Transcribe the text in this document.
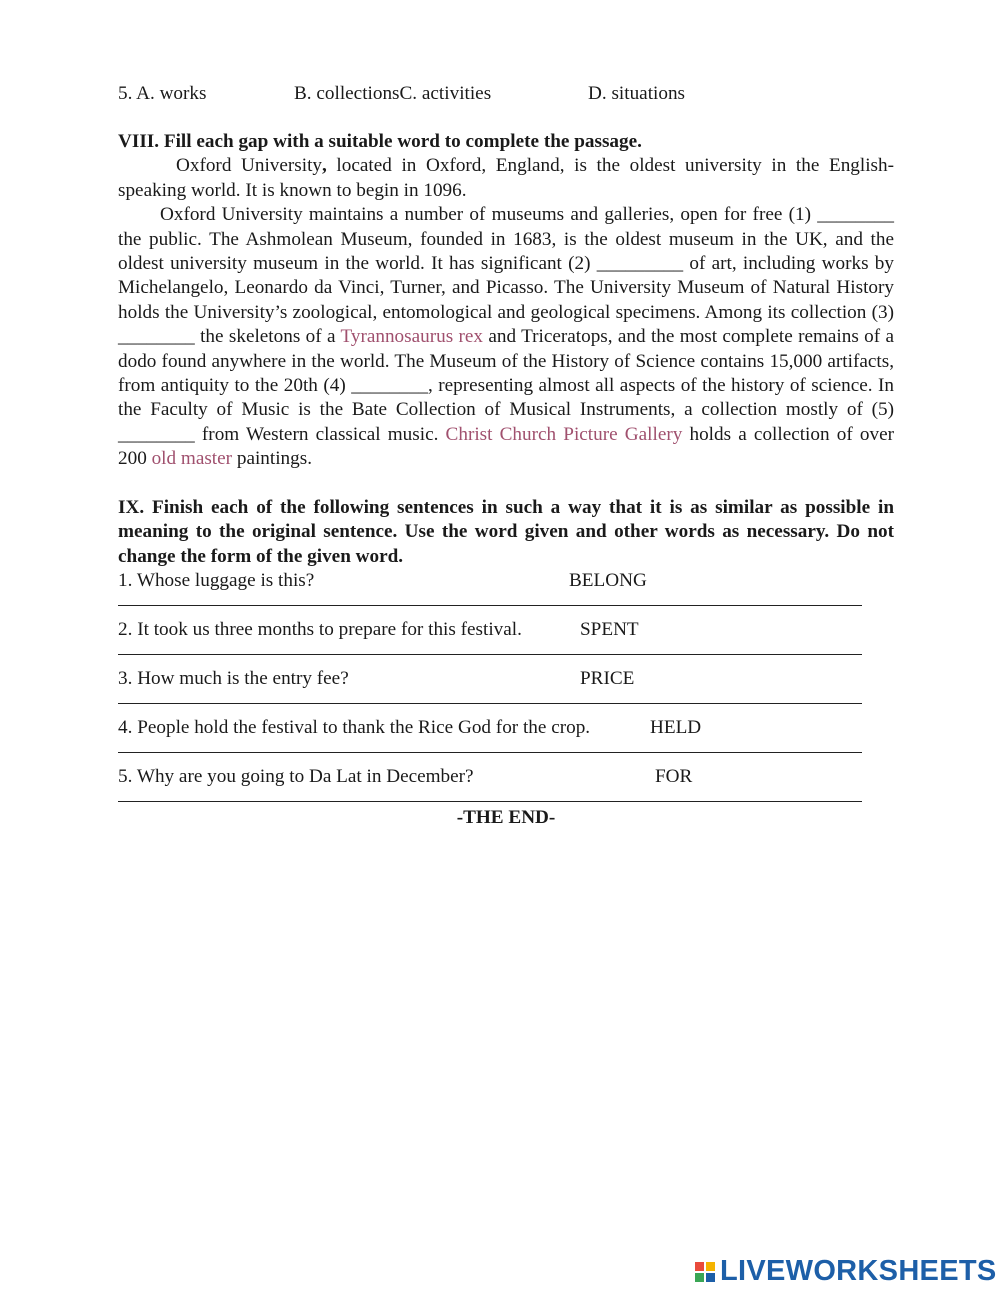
5. A. works	B. collectionsC. activities	D. situations
VIII. Fill each gap with a suitable word to complete the passage.

Oxford University, located in Oxford, England, is the oldest university in the English-speaking world. It is known to begin in 1096.

Oxford University maintains a number of museums and galleries, open for free (1) ________ the public. The Ashmolean Museum, founded in 1683, is the oldest museum in the UK, and the oldest university museum in the world. It has significant (2) _________ of art, including works by Michelangelo, Leonardo da Vinci, Turner, and Picasso. The University Museum of Natural History holds the University’s zoological, entomological and geological specimens. Among its collection (3) ________ the skeletons of a Tyrannosaurus rex and Triceratops, and the most complete remains of a dodo found anywhere in the world. The Museum of the History of Science contains 15,000 artifacts, from antiquity to the 20th (4) ________, representing almost all aspects of the history of science. In the Faculty of Music is the Bate Collection of Musical Instruments, a collection mostly of (5) ________ from Western classical music. Christ Church Picture Gallery holds a collection of over 200 old master paintings.

IX. Finish each of the following sentences in such a way that it is as similar as possible in meaning to the original sentence. Use the word given and other words as necessary. Do not change the form of the given word.
1. Whose luggage is this?	BELONG
2. It took us three months to prepare for this festival.	SPENT
3. How much is the entry fee?	PRICE
4. People hold the festival to thank the Rice God for the crop.	HELD
5. Why are you going to Da Lat in December?	FOR
-THE END-
LIVEWORKSHEETS
